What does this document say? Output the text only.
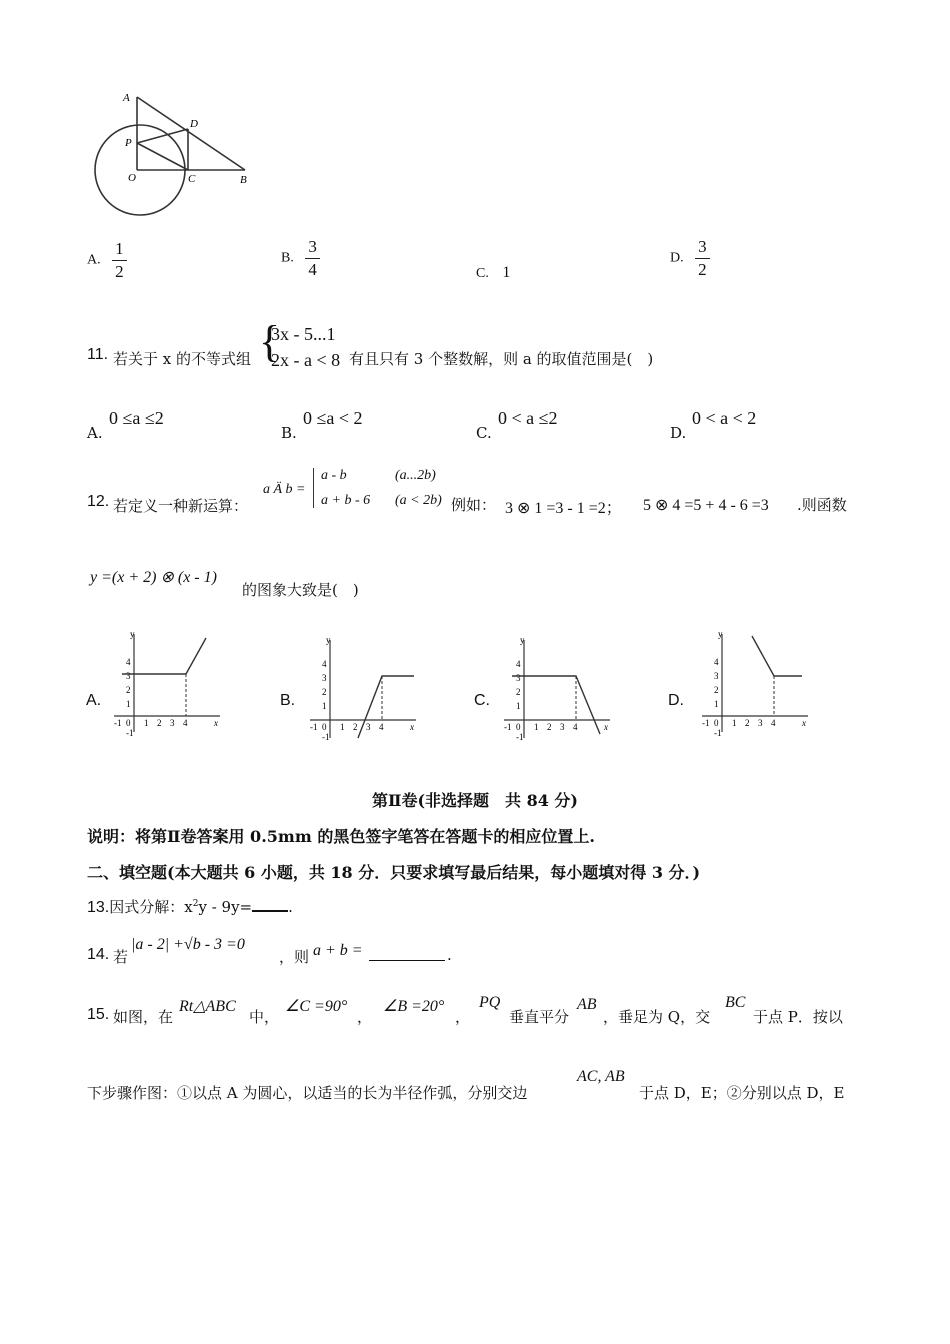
A
D
P
O	C	B
A. $\frac{1}{2}$	B. $\frac{3}{4}$	C. 1
D. $\frac{3}{2}$
11. 若关于 x 的不等式组 {
3x - 5...1
2x - a < 8 有且只有 3 个整数解，则 a 的取值范围是(　)
A.
0 ≤a ≤2
B.
0 ≤a < 2
C.
0 < a ≤2
D.
0 < a < 2
12. 若定义一种新运算：
a Ä b =
a - b	(a...2b)
a + b - 6 (a < 2b) 例如： 3 ⊗ 1 =3 - 1 =2； 5 ⊗ 4 =5 + 4 - 6 =3 .则函数
y =(x + 2) ⊗ (x - 1)
的图象大致是(　)
A.
y
x
4
3
2
1
-1 0 1 2 3 4
-1
B.
y
x
4
3
2
1
-1 0 1 2 3 4
-1
C.
y
x
4
3
2
1
-1 0 1 2 3 4
-1
D.
y
x
4
3
2
1
-1 0 1 2 3 4
-1
第Ⅱ卷(非选择题　共 84 分)
说明：将第Ⅱ卷答案用 0.5mm 的黑色签字笔答在答题卡的相应位置上.
二、填空题(本大题共 6 小题，共 18 分．只要求填写最后结果，每小题填对得 3 分．)
13.因式分解：$x^2y - 9y=$ .
14. 若
|a - 2| +√b - 3 =0
，则 a + b =	.
15. 如图，在
Rt△ABC
中，
∠C =90°
，
∠B =20°
，
PQ
垂直平分
AB
，垂足为 Q，交
BC
于点 P．按以
下步骤作图：①以点 A 为圆心，以适当的长为半径作弧，分别交边
AC, AB
于点 D，E；②分别以点 D，E
